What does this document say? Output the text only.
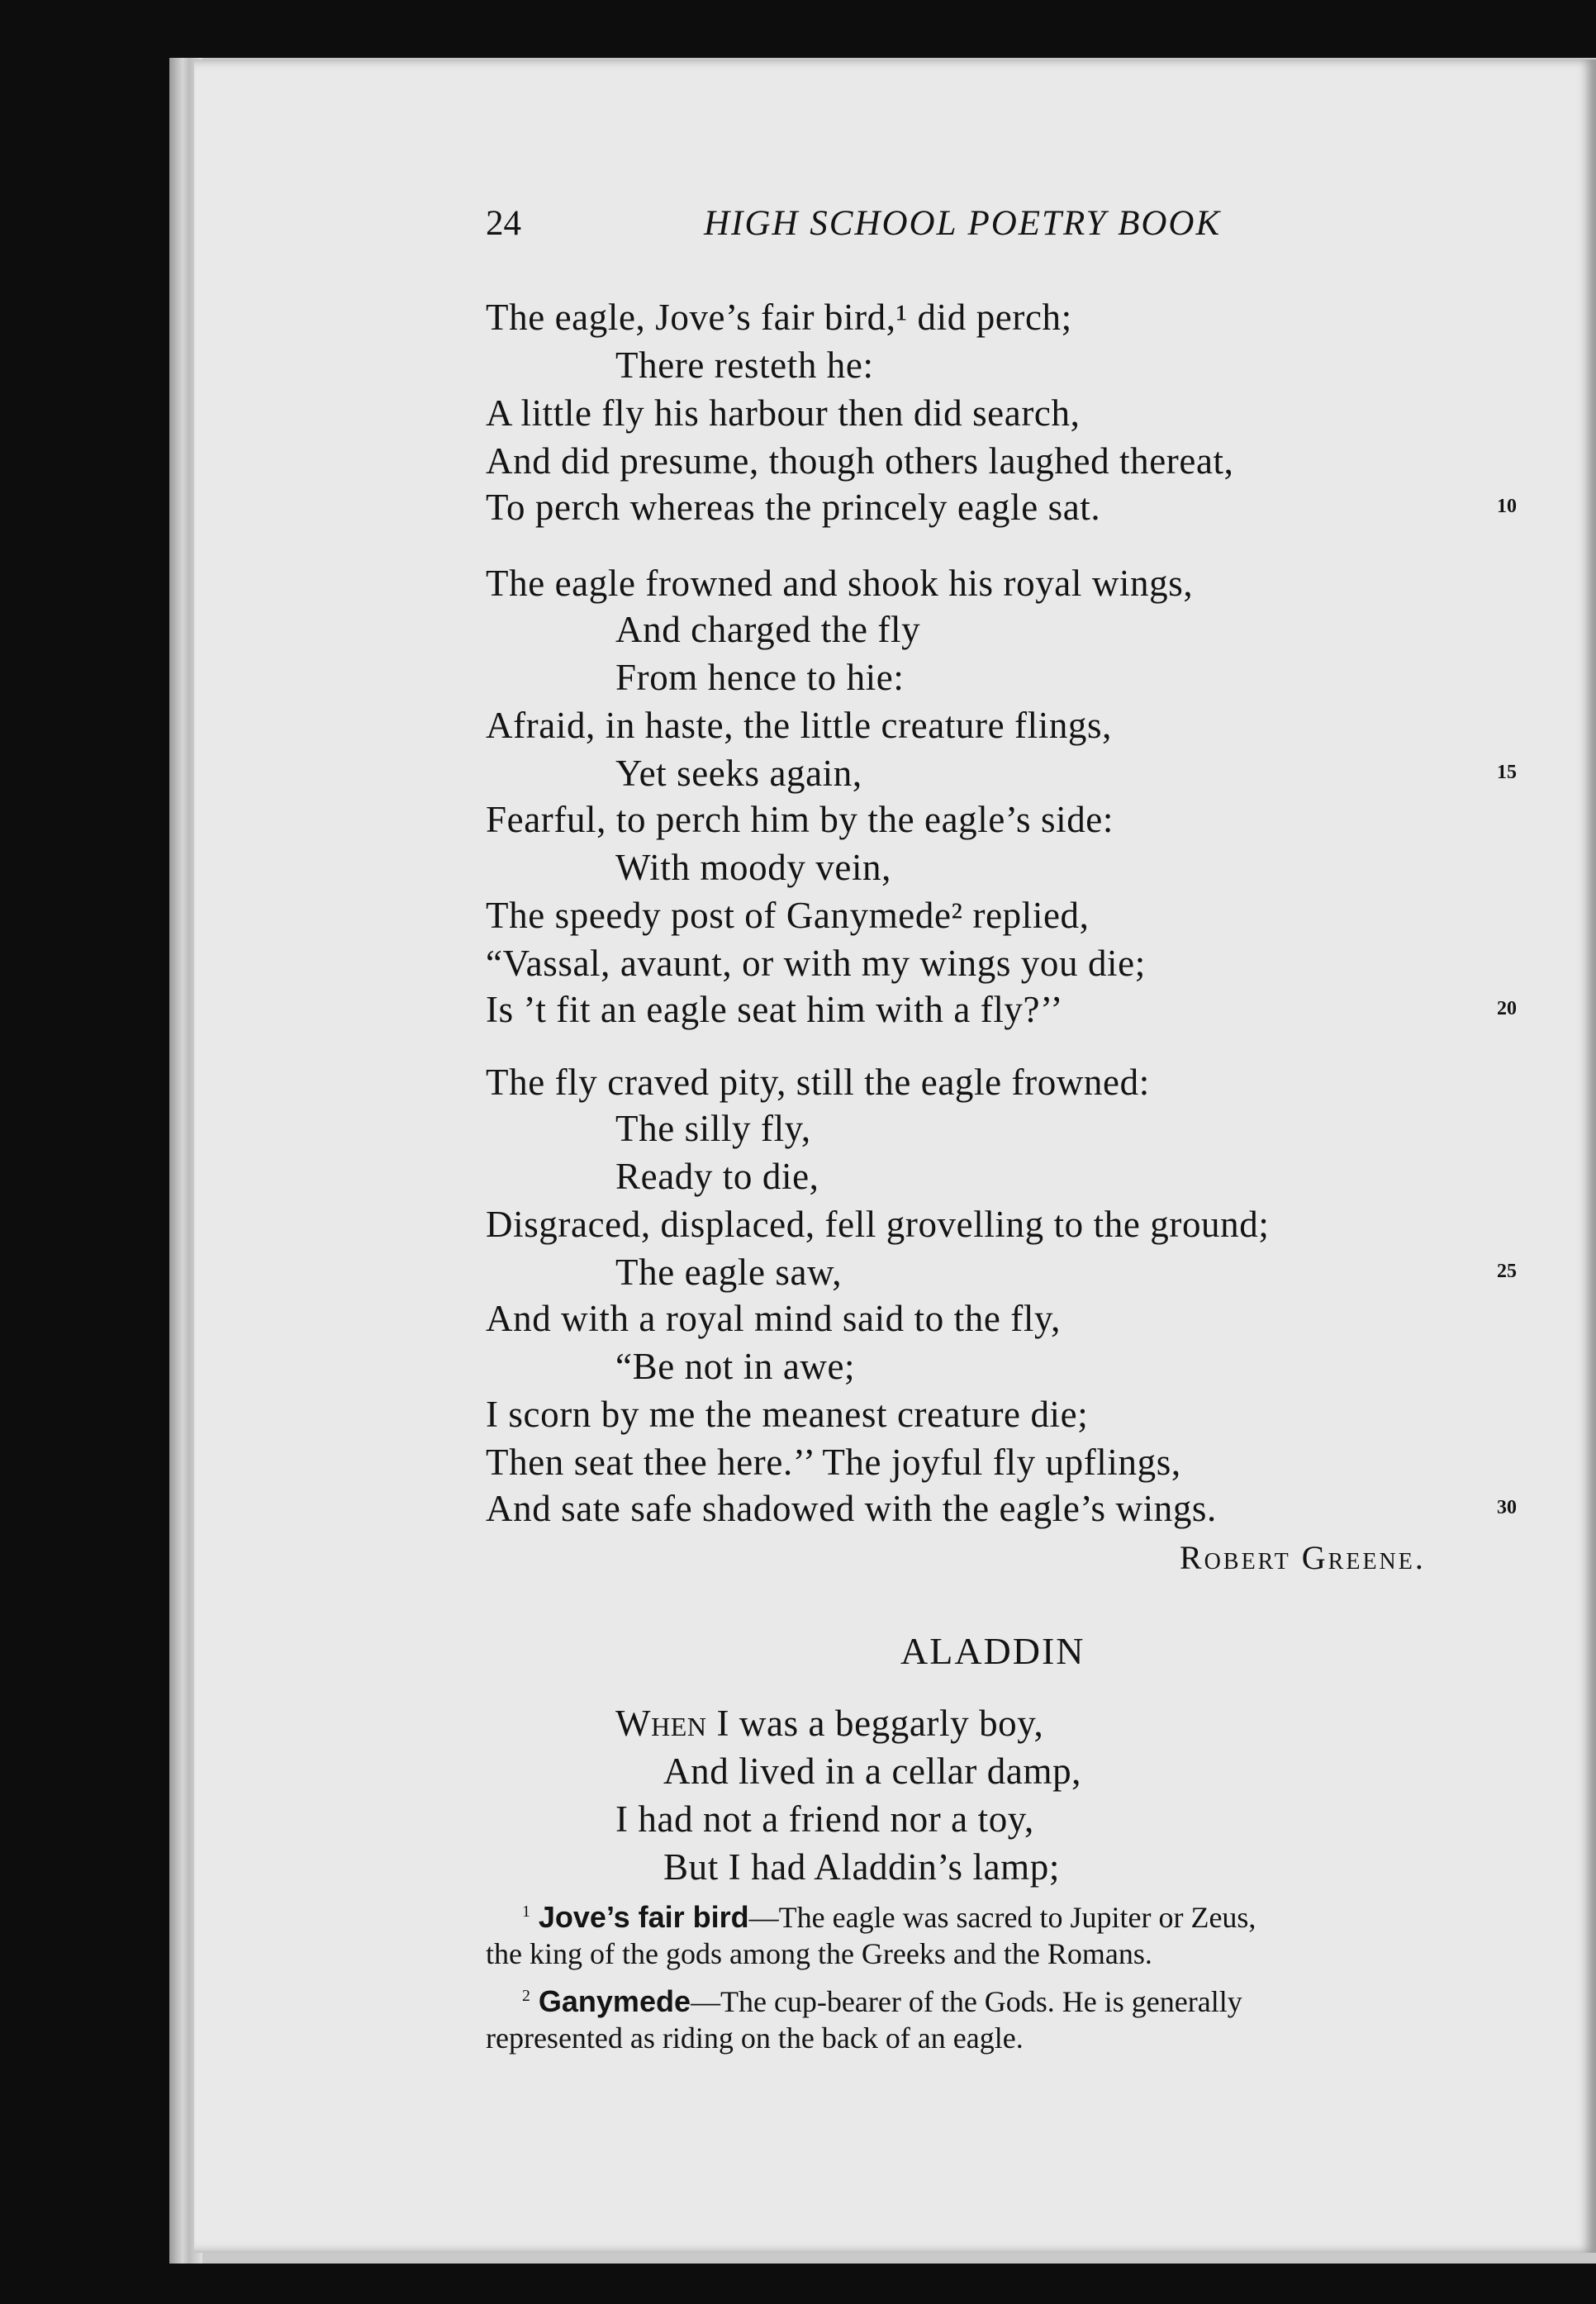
24	HIGH SCHOOL POETRY BOOK
The eagle, Jove’s fair bird,¹ did perch;
There resteth he:
A little fly his harbour then did search,
And did presume, though others laughed thereat,
To perch whereas the princely eagle sat.	10
The eagle frowned and shook his royal wings,
And charged the fly
From hence to hie:
Afraid, in haste, the little creature flings,
Yet seeks again,	15
Fearful, to perch him by the eagle’s side:
With moody vein,
The speedy post of Ganymede² replied,
“Vassal, avaunt, or with my wings you die;
Is ’t fit an eagle seat him with a fly?’’	20
The fly craved pity, still the eagle frowned:
The silly fly,
Ready to die,
Disgraced, displaced, fell grovelling to the ground;
The eagle saw,	25
And with a royal mind said to the fly,
“Be not in awe;
I scorn by me the meanest creature die;
Then seat thee here.’’ The joyful fly upflings,
And sate safe shadowed with the eagle’s wings.	30
Robert Greene.
ALADDIN
When I was a beggarly boy,
And lived in a cellar damp,
I had not a friend nor a toy,
But I had Aladdin’s lamp;
$^1$ Jove’s fair bird—The eagle was sacred to Jupiter or Zeus,
the king of the gods among the Greeks and the Romans.
$^2$ Ganymede—The cup-bearer of the Gods. He is generally
represented as riding on the back of an eagle.
